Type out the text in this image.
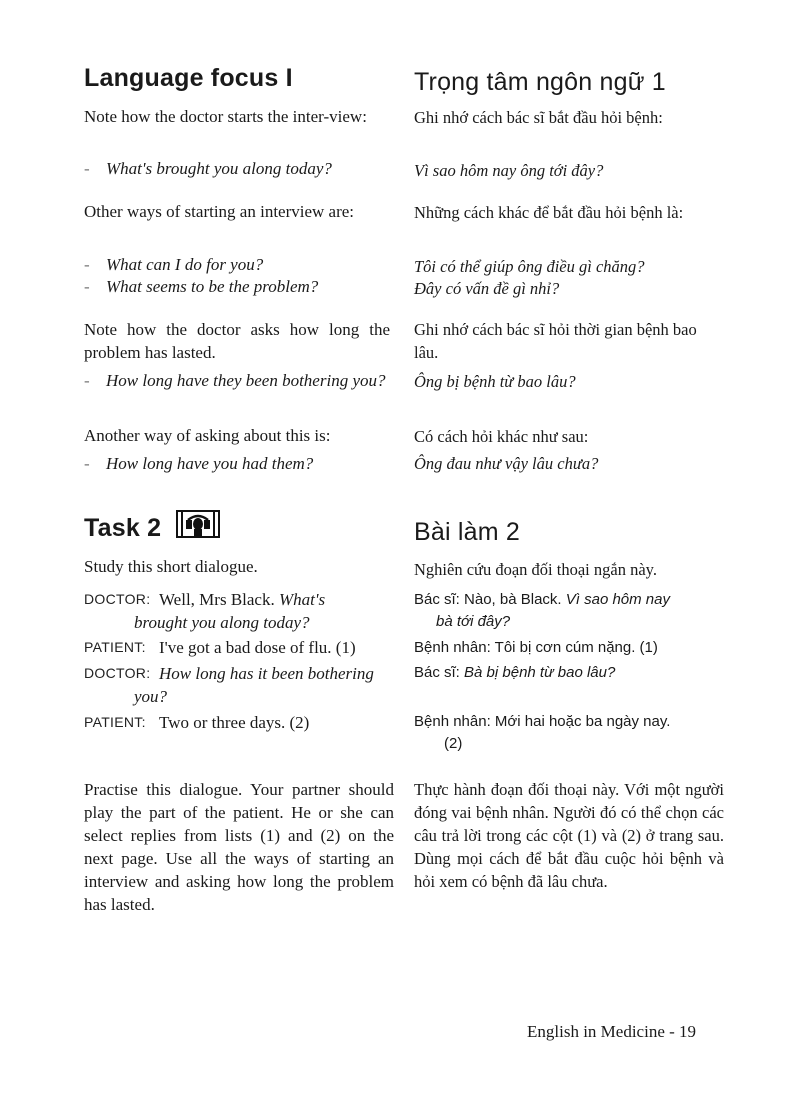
Language focus I

Note how the doctor starts the inter-view:

- What's brought you along today?

Other ways of starting an interview are:

- What can I do for you?
- What seems to be the problem?

Note how the doctor asks how long the problem has lasted.

- How long have they been bothering you?

Another way of asking about this is:

- How long have you had them?
Task 2

Study this short dialogue.

DOCTOR: Well, Mrs Black. What's
brought you along today?
PATIENT: I've got a bad dose of flu. (1)
DOCTOR: How long has it been bothering
you?
PATIENT: Two or three days. (2)

Practise this dialogue. Your partner should play the part of the patient. He or she can select replies from lists (1) and (2) on the next page. Use all the ways of starting an interview and asking how long the problem has lasted.

Trọng tâm ngôn ngữ 1

Ghi nhớ cách bác sĩ bắt đầu hỏi bệnh:

Vì sao hôm nay ông tới đây?

Những cách khác để bắt đầu hỏi bệnh là:

Tôi có thể giúp ông điều gì chăng?

Đây có vấn đề gì nhỉ?

Ghi nhớ cách bác sĩ hỏi thời gian bệnh bao lâu.

Ông bị bệnh từ bao lâu?

Có cách hỏi khác như sau:

Ông đau như vậy lâu chưa?

Bài làm 2

Nghiên cứu đoạn đối thoại ngắn này.

Bác sĩ: Nào, bà Black. Vì sao hôm nay
bà tới đây?
Bệnh nhân: Tôi bị cơn cúm nặng. (1)
Bác sĩ: Bà bị bệnh từ bao lâu?
Bệnh nhân: Mới hai hoặc ba ngày nay.
(2)

Thực hành đoạn đối thoại này. Với một người đóng vai bệnh nhân. Người đó có thể chọn các câu trả lời trong các cột (1) và (2) ở trang sau. Dùng mọi cách để bắt đầu cuộc hỏi bệnh và hỏi xem có bệnh đã lâu chưa.

English in Medicine - 19
